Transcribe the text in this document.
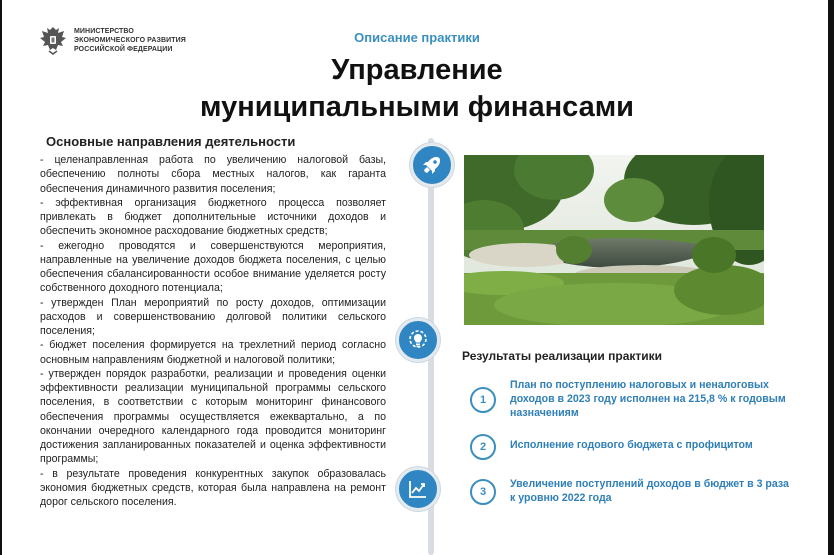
МИНИСТЕРСТВО
ЭКОНОМИЧЕСКОГО РАЗВИТИЯ
РОССИЙСКОЙ ФЕДЕРАЦИИ
Описание практики
Управление
муниципальными финансами
Основные направления деятельности

- целенаправленная работа по увеличению налоговой базы, обеспечению полноты сбора местных налогов, как гаранта обеспечения динамичного развития поселения;

- эффективная организация бюджетного процесса позволяет привлекать в бюджет дополнительные источники доходов и обеспечить экономное расходование бюджетных средств;

- ежегодно проводятся и совершенствуются мероприятия, направленные на увеличение доходов бюджета поселения, с целью обеспечения сбалансированности особое внимание уделяется росту собственного доходного потенциала;

- утвержден План мероприятий по росту доходов, оптимизации расходов и совершенствованию долговой политики сельского поселения;

- бюджет поселения формируется на трехлетний период согласно основным направлениям бюджетной и налоговой политики;

- утвержден порядок разработки, реализации и проведения оценки эффективности реализации муниципальной программы сельского поселения, в соответствии с которым мониторинг финансового обеспечения программы осуществляется ежеквартально, а по окончании очередного календарного года проводится мониторинг достижения запланированных показателей и оценка эффективности программы;

- в результате проведения конкурентных закупок образовалась экономия бюджетных средств, которая была направлена на ремонт дорог сельского поселения.

Результаты реализации практики
1
План по поступлению налоговых и неналоговых доходов в 2023 году исполнен на 215,8 % к годовым назначениям
2	Исполнение годового бюджета с профицитом
3
Увеличение поступлений доходов в бюджет в 3 раза к уровню 2022 года
